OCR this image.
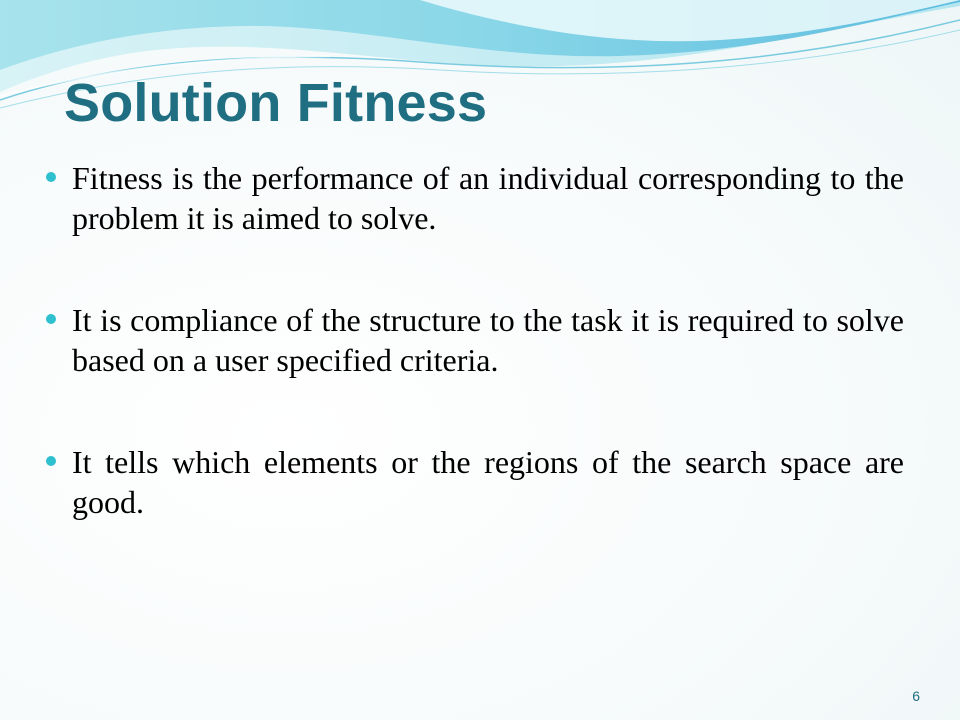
Solution Fitness
Fitness is the performance of an individual corresponding to the problem it is aimed to solve.
It is compliance of the structure to the task it is required to solve based on a user specified criteria.
It tells which elements or the regions of the search space are good.
6
